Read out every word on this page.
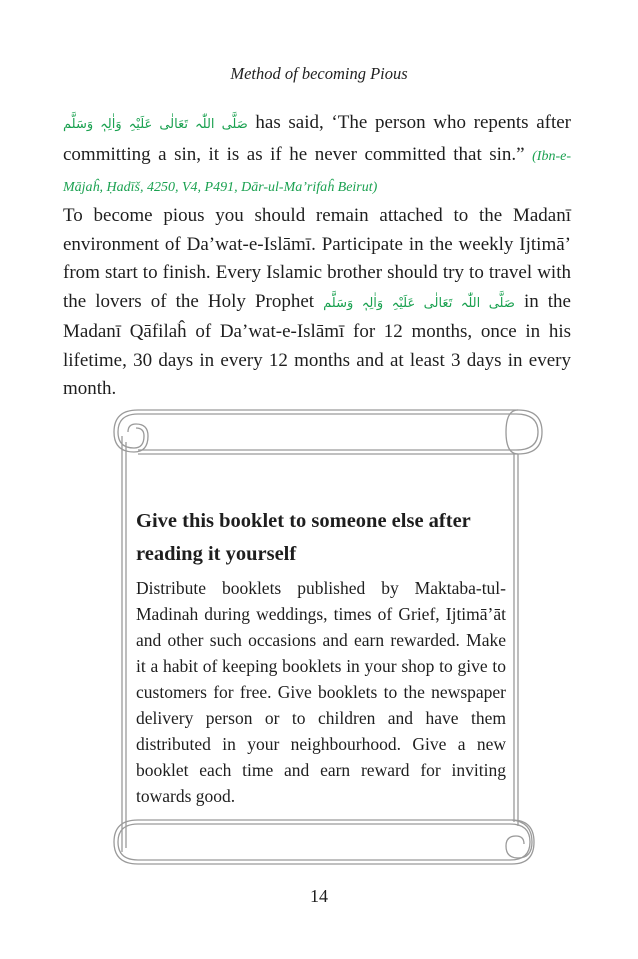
Method of becoming Pious

صَلَّی اللّٰہ تَعَالٰی عَلَیْہِ وَاٰلِہٖ وَسَلَّم has said, ‘The person who repents after committing a sin, it is as if he never committed that sin.” (Ibn-e-Mājaĥ, Ḥadīš, 4250, V4, P491, Dār-ul-Ma’rifaĥ Beirut)

To become pious you should remain attached to the Madanī environment of Da’wat-e-Islāmī. Participate in the weekly Ijtimā’ from start to finish. Every Islamic brother should try to travel with the lovers of the Holy Prophet صَلَّی اللّٰہ تَعَالٰی عَلَیْہِ وَاٰلِہٖ وَسَلَّم in the Madanī Qāfilaĥ of Da’wat-e-Islāmī for 12 months, once in his lifetime, 30 days in every 12 months and at least 3 days in every month.

Give this booklet to someone else after reading it yourself

Distribute booklets published by Maktaba-tul-Madinah during weddings, times of Grief, Ijtimā’āt and other such occasions and earn rewarded. Make it a habit of keeping booklets in your shop to give to customers for free. Give booklets to the newspaper delivery person or to children and have them distributed in your neighbourhood. Give a new booklet each time and earn reward for inviting towards good.

14
